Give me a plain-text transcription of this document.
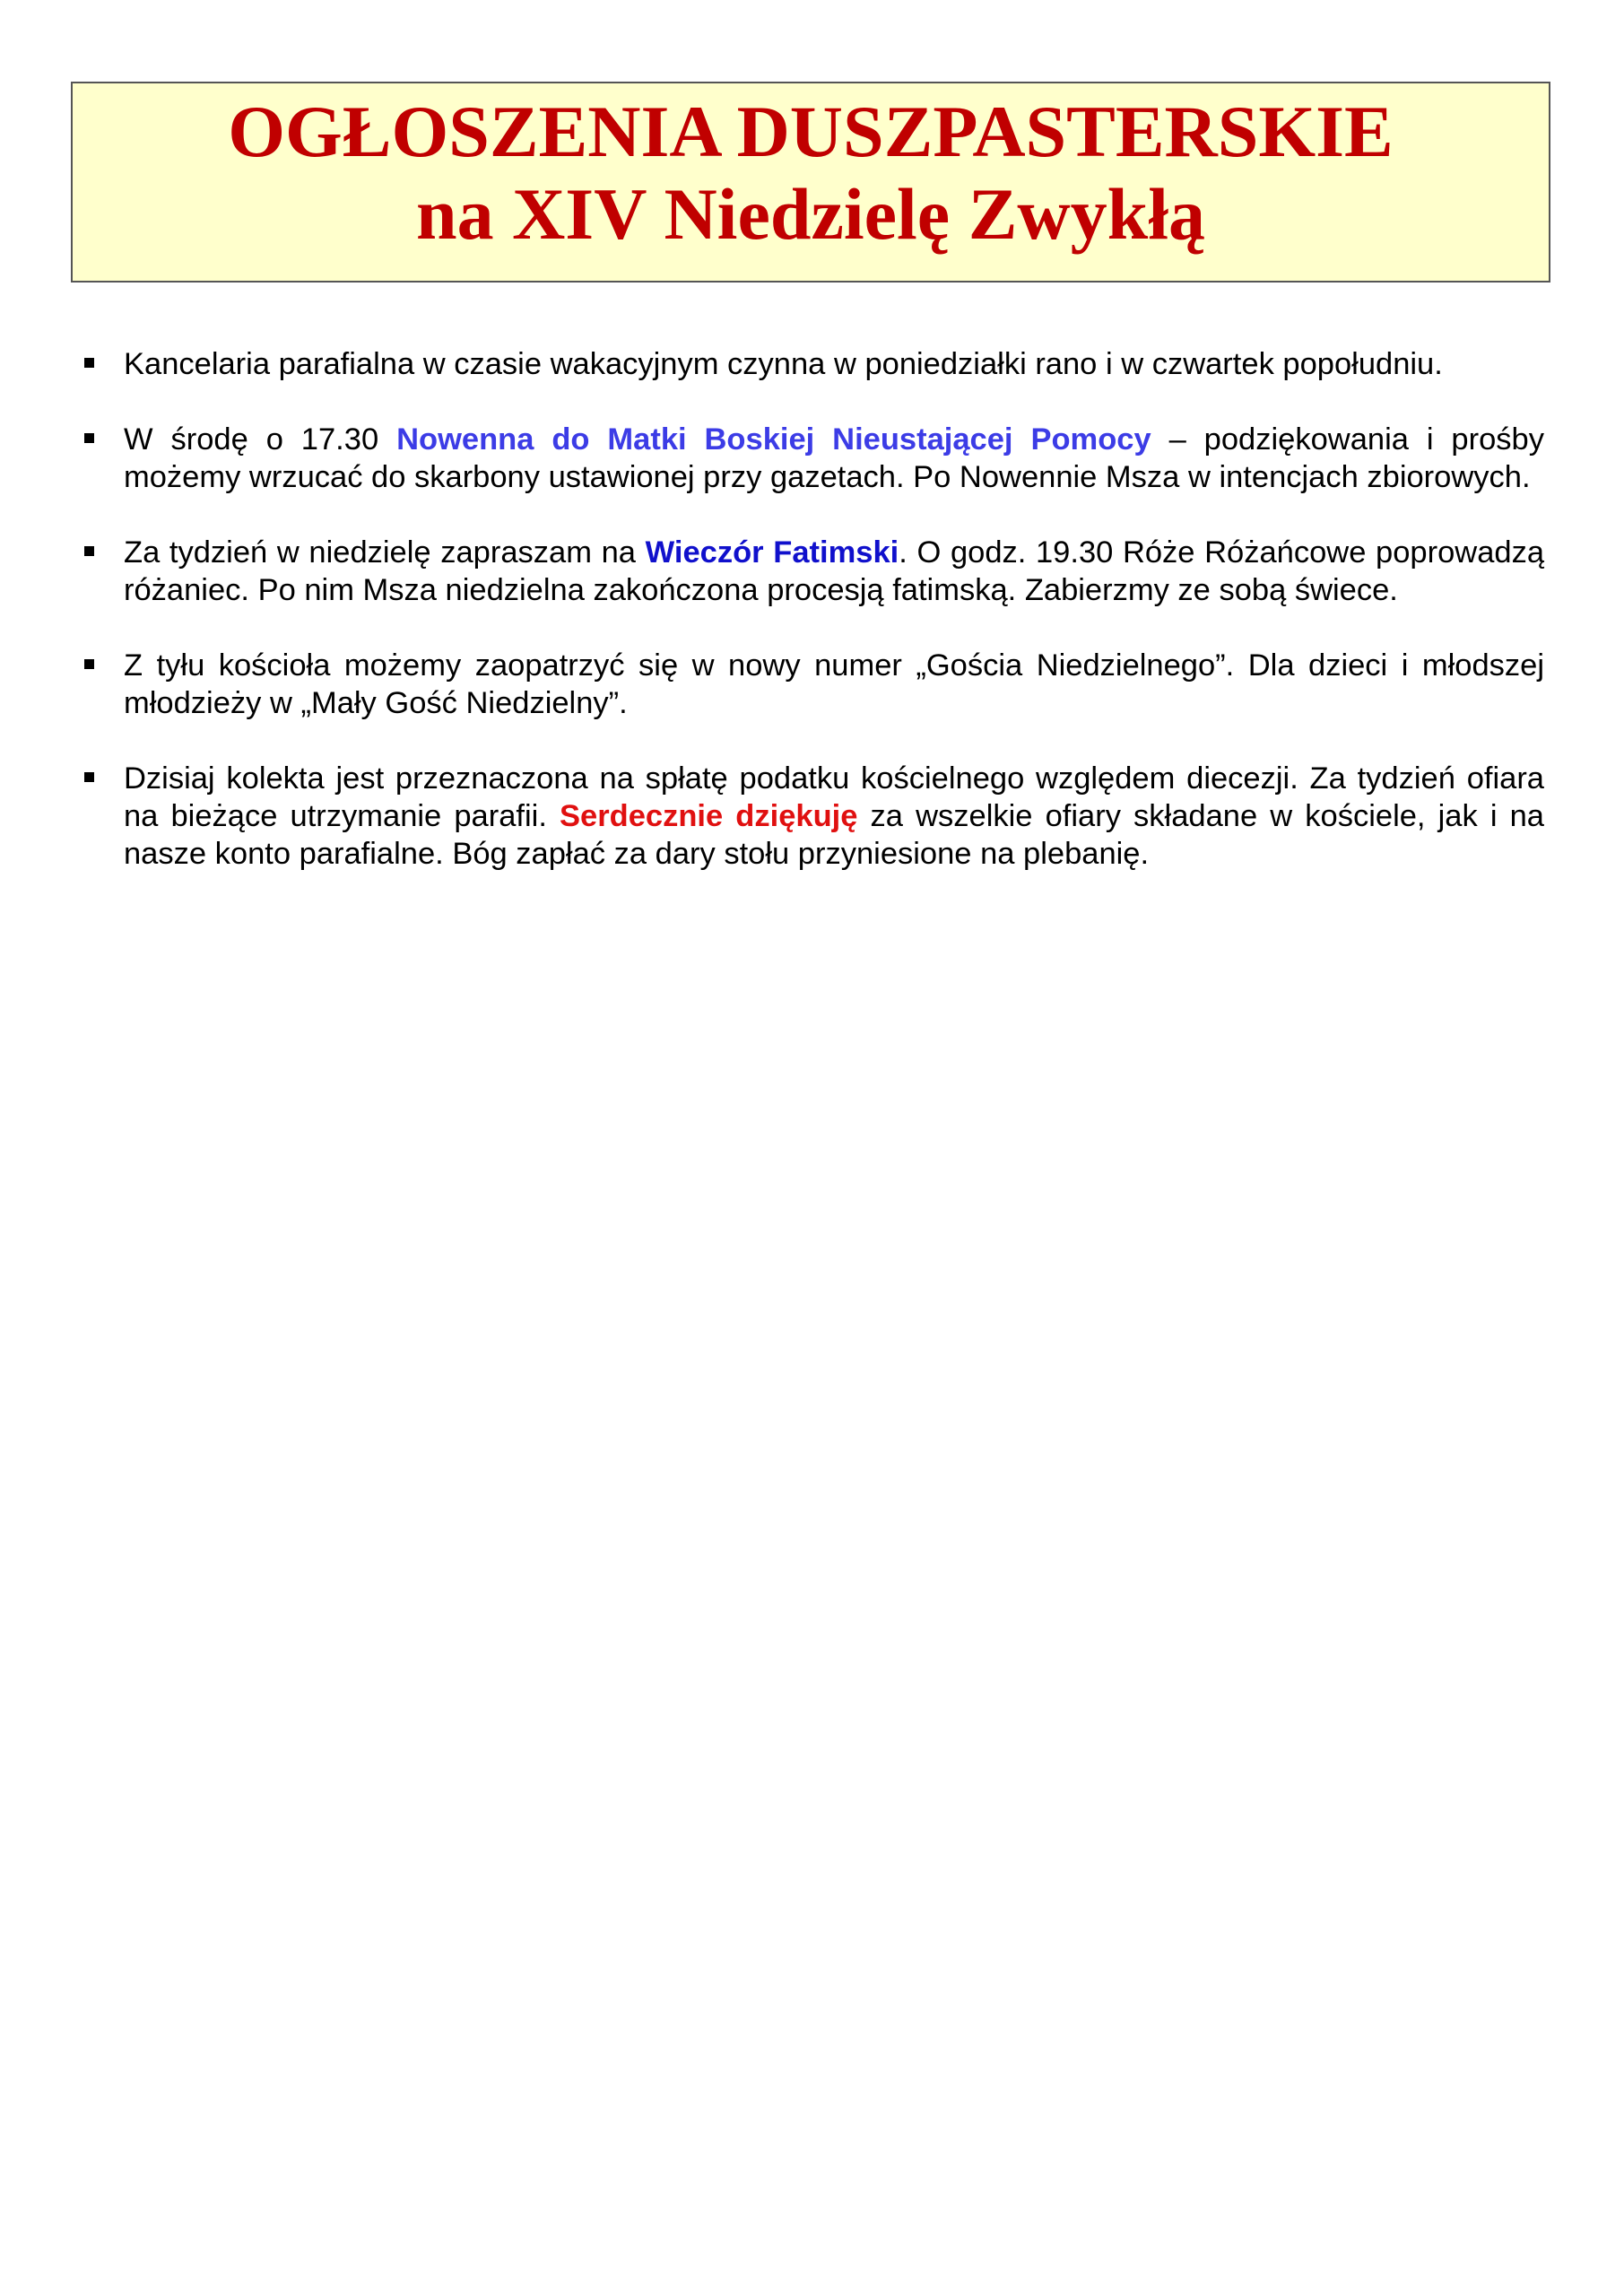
OGŁOSZENIA DUSZPASTERSKIE

na XIV Niedzielę Zwykłą

Kancelaria parafialna w czasie wakacyjnym czynna w poniedziałki rano i w czwartek popołudniu.
W środę o 17.30 Nowenna do Matki Boskiej Nieustającej Pomocy – podziękowania i prośby możemy wrzucać do skarbony ustawionej przy gazetach. Po Nowennie Msza w intencjach zbiorowych.
Za tydzień w niedzielę zapraszam na Wieczór Fatimski. O godz. 19.30 Róże Różańcowe poprowadzą różaniec. Po nim Msza niedzielna zakończona procesją fatimską. Zabierzmy ze sobą świece.
Z tyłu kościoła możemy zaopatrzyć się w nowy numer „Gościa Niedzielnego”. Dla dzieci i młodszej młodzieży w „Mały Gość Niedzielny”.
Dzisiaj kolekta jest przeznaczona na spłatę podatku kościelnego względem diecezji. Za tydzień ofiara na bieżące utrzymanie parafii. Serdecznie dziękuję za wszelkie ofiary składane w kościele, jak i na nasze konto parafialne. Bóg zapłać za dary stołu przyniesione na plebanię.
